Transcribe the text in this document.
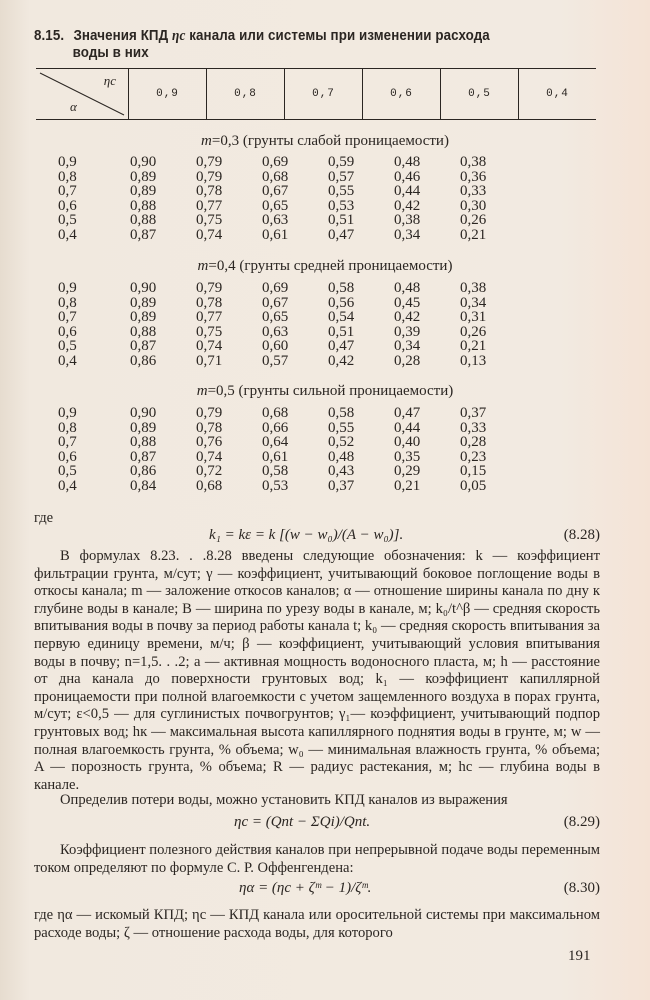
8.15. Значения КПД ηc канала или системы при изменении расхода
воды в них
ηc
α
0,9	0,8	0,7	0,6	0,5	0,4
m=0,3 (грунты слабой проницаемости)
0,9	0,90	0,79	0,69	0,59	0,48	0,38
0,8	0,89	0,79	0,68	0,57	0,46	0,36
0,7	0,89	0,78	0,67	0,55	0,44	0,33
0,6	0,88	0,77	0,65	0,53	0,42	0,30
0,5	0,88	0,75	0,63	0,51	0,38	0,26
0,4	0,87	0,74	0,61	0,47	0,34	0,21
m=0,4 (грунты средней проницаемости)
0,9	0,90	0,79	0,69	0,58	0,48	0,38
0,8	0,89	0,78	0,67	0,56	0,45	0,34
0,7	0,89	0,77	0,65	0,54	0,42	0,31
0,6	0,88	0,75	0,63	0,51	0,39	0,26
0,5	0,87	0,74	0,60	0,47	0,34	0,21
0,4	0,86	0,71	0,57	0,42	0,28	0,13
m=0,5 (грунты сильной проницаемости)
0,9	0,90	0,79	0,68	0,58	0,47	0,37
0,8	0,89	0,78	0,66	0,55	0,44	0,33
0,7	0,88	0,76	0,64	0,52	0,40	0,28
0,6	0,87	0,74	0,61	0,48	0,35	0,23
0,5	0,86	0,72	0,58	0,43	0,29	0,15
0,4	0,84	0,68	0,53	0,37	0,21	0,05
где
k₁ = kε = k [(w − w₀)/(A − w₀)].	(8.28)
В формулах 8.23. . .8.28 введены следующие обозначения: k — коэффициент фильтрации грунта, м/сут; γ — коэффициент, учитывающий боковое поглощение воды в откосы канала; m — заложение откосов каналов; α — отношение ширины канала по дну к глубине воды в канале; B — ширина по урезу воды в канале, м; k₀/t^β — средняя скорость впитывания воды в почву за период работы канала t; k₀ — средняя скорость впитывания за первую единицу времени, м/ч; β — коэффициент, учитывающий условия впитывания воды в почву; n=1,5. . .2; a — активная мощность водоносного пласта, м; h — расстояние от дна канала до поверхности грунтовых вод; k₁ — коэффициент капиллярной проницаемости при полной влагоемкости с учетом защемленного воздуха в порах грунта, м/сут; ε<0,5 — для суглинистых почвогрунтов; γ₁— коэффициент, учитывающий подпор грунтовых вод; hк — максимальная высота капиллярного поднятия воды в грунте, м; w — полная влагоемкость грунта, % объема; w₀ — минимальная влажность грунта, % объема; A — порозность грунта, % объема; R — радиус растекания, м; hc — глубина воды в канале.
Определив потери воды, можно установить КПД каналов из выражения
ηc = (Qnt − ΣQi)/Qnt.	(8.29)
Коэффициент полезного действия каналов при непрерывной подаче воды переменным током определяют по формуле С. Р. Оффенгендена:
ηα = (ηc + ζᵐ − 1)/ζᵐ.	(8.30)
где ηα — искомый КПД; ηc — КПД канала или оросительной системы при максимальном расходе воды; ζ — отношение расхода воды, для которого
191
